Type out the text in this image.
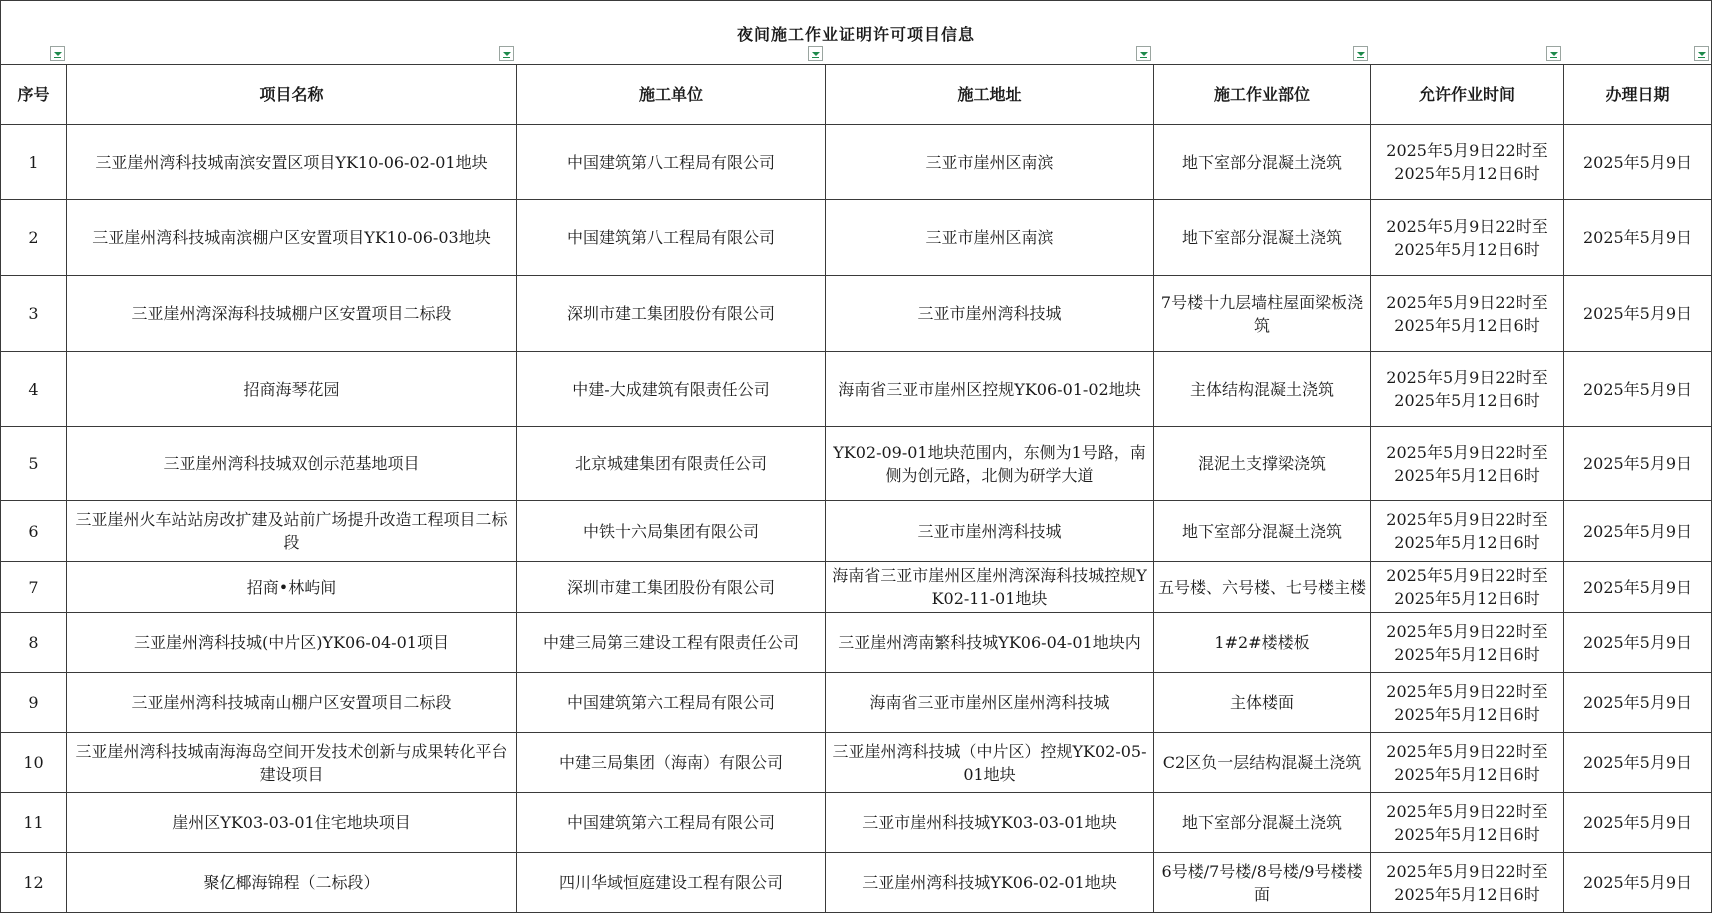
夜间施工作业证明许可项目信息						

序号	项目名称	施工单位	施工地址	施工作业部位	允许作业时间	办理日期
1	三亚崖州湾科技城南滨安置区项目YK10-06-02-01地块	中国建筑第八工程局有限公司	三亚市崖州区南滨	地下室部分混凝土浇筑	2025年5月9日22时至
2025年5月12日6时	2025年5月9日
2	三亚崖州湾科技城南滨棚户区安置项目YK10-06-03地块	中国建筑第八工程局有限公司	三亚市崖州区南滨	地下室部分混凝土浇筑	2025年5月9日22时至
2025年5月12日6时	2025年5月9日
3	三亚崖州湾深海科技城棚户区安置项目二标段	深圳市建工集团股份有限公司	三亚市崖州湾科技城	7号楼十九层墙柱屋面梁板浇筑	2025年5月9日22时至
2025年5月12日6时	2025年5月9日
4	招商海琴花园	中建-大成建筑有限责任公司	海南省三亚市崖州区控规YK06-01-02地块	主体结构混凝土浇筑	2025年5月9日22时至
2025年5月12日6时	2025年5月9日
5	三亚崖州湾科技城双创示范基地项目	北京城建集团有限责任公司	YK02-09-01地块范围内，东侧为1号路，南侧为创元路，北侧为研学大道	混泥土支撑梁浇筑	2025年5月9日22时至
2025年5月12日6时	2025年5月9日
6	三亚崖州火车站站房改扩建及站前广场提升改造工程项目二标段	中铁十六局集团有限公司	三亚市崖州湾科技城	地下室部分混凝土浇筑	2025年5月9日22时至
2025年5月12日6时	2025年5月9日
7	招商•林屿间	深圳市建工集团股份有限公司	海南省三亚市崖州区崖州湾深海科技城控规YK02-11-01地块	五号楼、六号楼、七号楼主楼	2025年5月9日22时至
2025年5月12日6时	2025年5月9日
8	三亚崖州湾科技城(中片区)YK06-04-01项目	中建三局第三建设工程有限责任公司	三亚崖州湾南繁科技城YK06-04-01地块内	1#2#楼楼板	2025年5月9日22时至
2025年5月12日6时	2025年5月9日
9	三亚崖州湾科技城南山棚户区安置项目二标段	中国建筑第六工程局有限公司	海南省三亚市崖州区崖州湾科技城	主体楼面	2025年5月9日22时至
2025年5月12日6时	2025年5月9日
10	三亚崖州湾科技城南海海岛空间开发技术创新与成果转化平台建设项目	中建三局集团（海南）有限公司	三亚崖州湾科技城（中片区）控规YK02-05-01地块	C2区负一层结构混凝土浇筑	2025年5月9日22时至
2025年5月12日6时	2025年5月9日
11	崖州区YK03-03-01住宅地块项目	中国建筑第六工程局有限公司	三亚市崖州科技城YK03-03-01地块	地下室部分混凝土浇筑	2025年5月9日22时至
2025年5月12日6时	2025年5月9日
12	聚亿椰海锦程（二标段）	四川华域恒庭建设工程有限公司	三亚崖州湾科技城YK06-02-01地块	6号楼/7号楼/8号楼/9号楼楼面	2025年5月9日22时至
2025年5月12日6时	2025年5月9日
